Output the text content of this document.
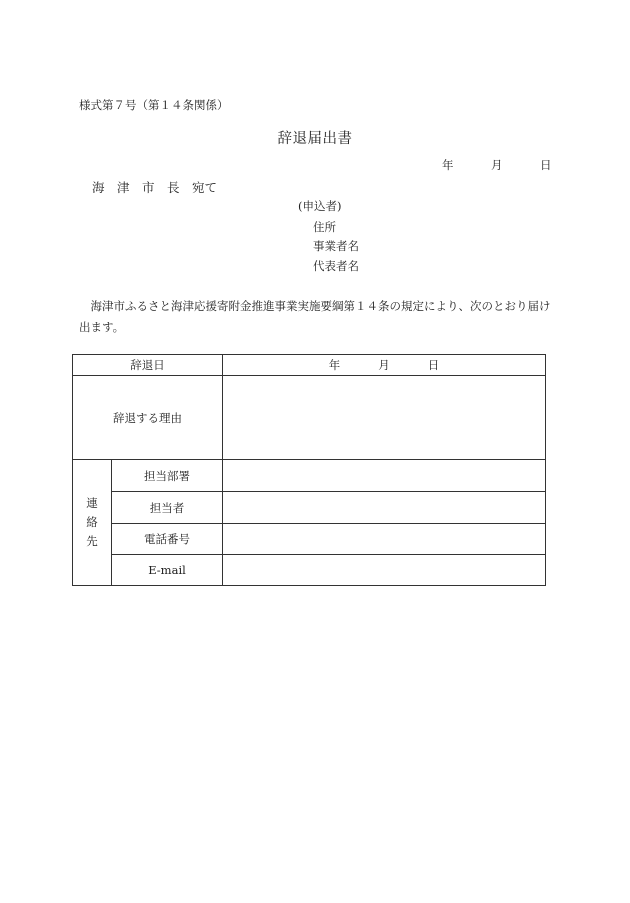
様式第７号（第１４条関係）
辞退届出書
年	月	日
海　津　市　長　宛て
(申込者)
住所
事業者名
代表者名
海津市ふるさと海津応援寄附金推進事業実施要綱第１４条の規定により、次のとおり届け出ます。
辞退日		年 月 日
辞退する理由		
連
絡
先	担当部署	
	担当者	
	電話番号	
	E-mail	
